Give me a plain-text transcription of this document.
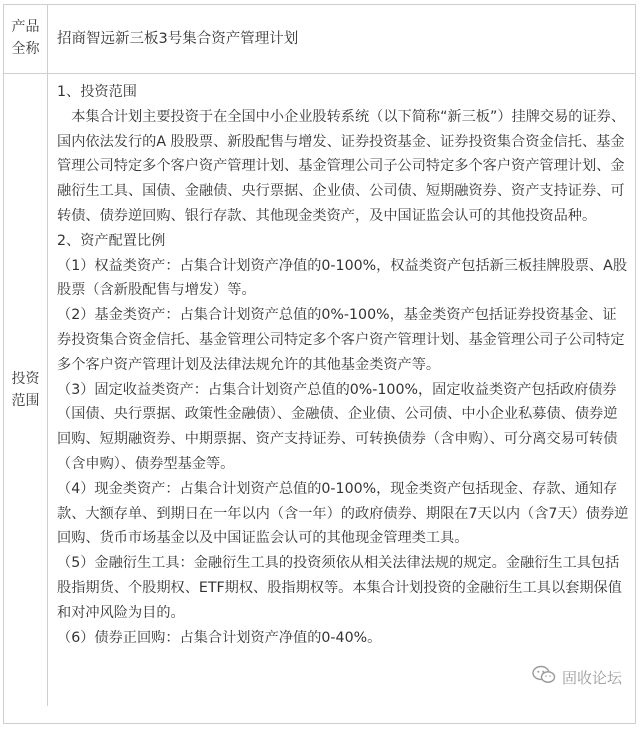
产品全称
招商智远新三板3号集合资产管理计划
投资范围

1、投资范围

本集合计划主要投资于在全国中小企业股转系统（以下简称“新三板”）挂牌交易的证券、国内依法发行的A 股股票、新股配售与增发、证券投资基金、证券投资集合资金信托、基金管理公司特定多个客户资产管理计划、基金管理公司子公司特定多个客户资产管理计划、金融衍生工具、国债、金融债、央行票据、企业债、公司债、短期融资券、资产支持证券、可转债、债券逆回购、银行存款、其他现金类资产，及中国证监会认可的其他投资品种。

2、资产配置比例

（1）权益类资产：占集合计划资产净值的0-100%，权益类资产包括新三板挂牌股票、A股股票（含新股配售与增发）等。

（2）基金类资产：占集合计划资产总值的0%-100%，基金类资产包括证券投资基金、证券投资集合资金信托、基金管理公司特定多个客户资产管理计划、基金管理公司子公司特定多个客户资产管理计划及法律法规允许的其他基金类资产等。

（3）固定收益类资产：占集合计划资产总值的0%-100%，固定收益类资产包括政府债券（国债、央行票据、政策性金融债）、金融债、企业债、公司债、中小企业私募债、债券逆回购、短期融资券、中期票据、资产支持证券、可转换债券（含申购）、可分离交易可转债（含申购）、债券型基金等。

（4）现金类资产：占集合计划资产总值的0-100%，现金类资产包括现金、存款、通知存款、大额存单、到期日在一年以内（含一年）的政府债券、期限在7天以内（含7天）债券逆回购、货币市场基金以及中国证监会认可的其他现金管理类工具。

（5）金融衍生工具：金融衍生工具的投资须依从相关法律法规的规定。金融衍生工具包括股指期货、个股期权、ETF期权、股指期权等。本集合计划投资的金融衍生工具以套期保值和对冲风险为目的。

（6）债券正回购：占集合计划资产净值的0-40%。

固收论坛
